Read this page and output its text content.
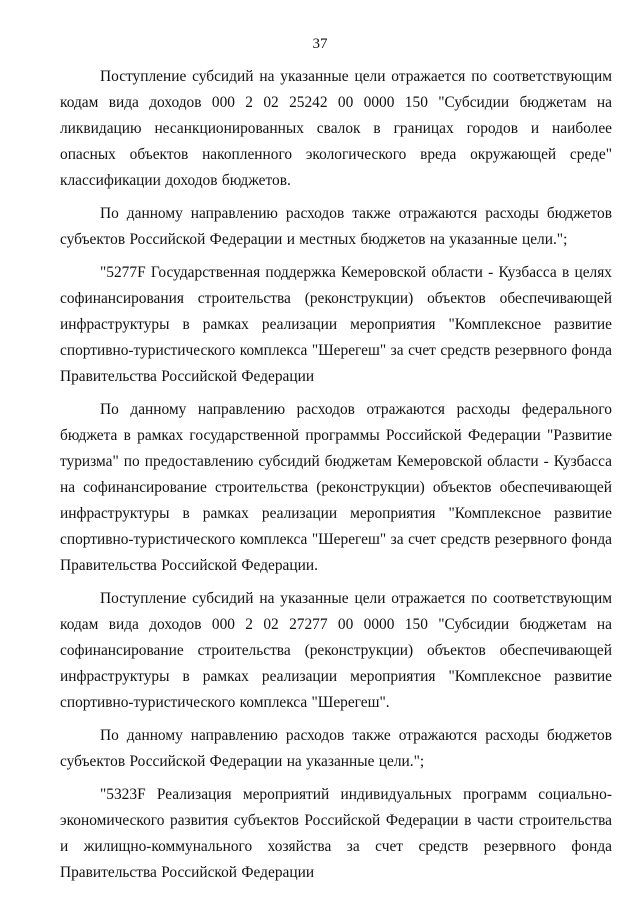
37

Поступление субсидий на указанные цели отражается по соответствующим кодам вида доходов 000 2 02 25242 00 0000 150 "Субсидии бюджетам на ликвидацию несанкционированных свалок в границах городов и наиболее опасных объектов накопленного экологического вреда окружающей среде" классификации доходов бюджетов.

По данному направлению расходов также отражаются расходы бюджетов субъектов Российской Федерации и местных бюджетов на указанные цели.";

"5277F Государственная поддержка Кемеровской области - Кузбасса в целях софинансирования строительства (реконструкции) объектов обеспечивающей инфраструктуры в рамках реализации мероприятия "Комплексное развитие спортивно-туристического комплекса "Шерегеш" за счет средств резервного фонда Правительства Российской Федерации

По данному направлению расходов отражаются расходы федерального бюджета в рамках государственной программы Российской Федерации "Развитие туризма" по предоставлению субсидий бюджетам Кемеровской области - Кузбасса на софинансирование строительства (реконструкции) объектов обеспечивающей инфраструктуры в рамках реализации мероприятия "Комплексное развитие спортивно-туристического комплекса "Шерегеш" за счет средств резервного фонда Правительства Российской Федерации.

Поступление субсидий на указанные цели отражается по соответствующим кодам вида доходов 000 2 02 27277 00 0000 150 "Субсидии бюджетам на софинансирование строительства (реконструкции) объектов обеспечивающей инфраструктуры в рамках реализации мероприятия "Комплексное развитие спортивно-туристического комплекса "Шерегеш".

По данному направлению расходов также отражаются расходы бюджетов субъектов Российской Федерации на указанные цели.";

"5323F Реализация мероприятий индивидуальных программ социально-экономического развития субъектов Российской Федерации в части строительства и жилищно-коммунального хозяйства за счет средств резервного фонда Правительства Российской Федерации
